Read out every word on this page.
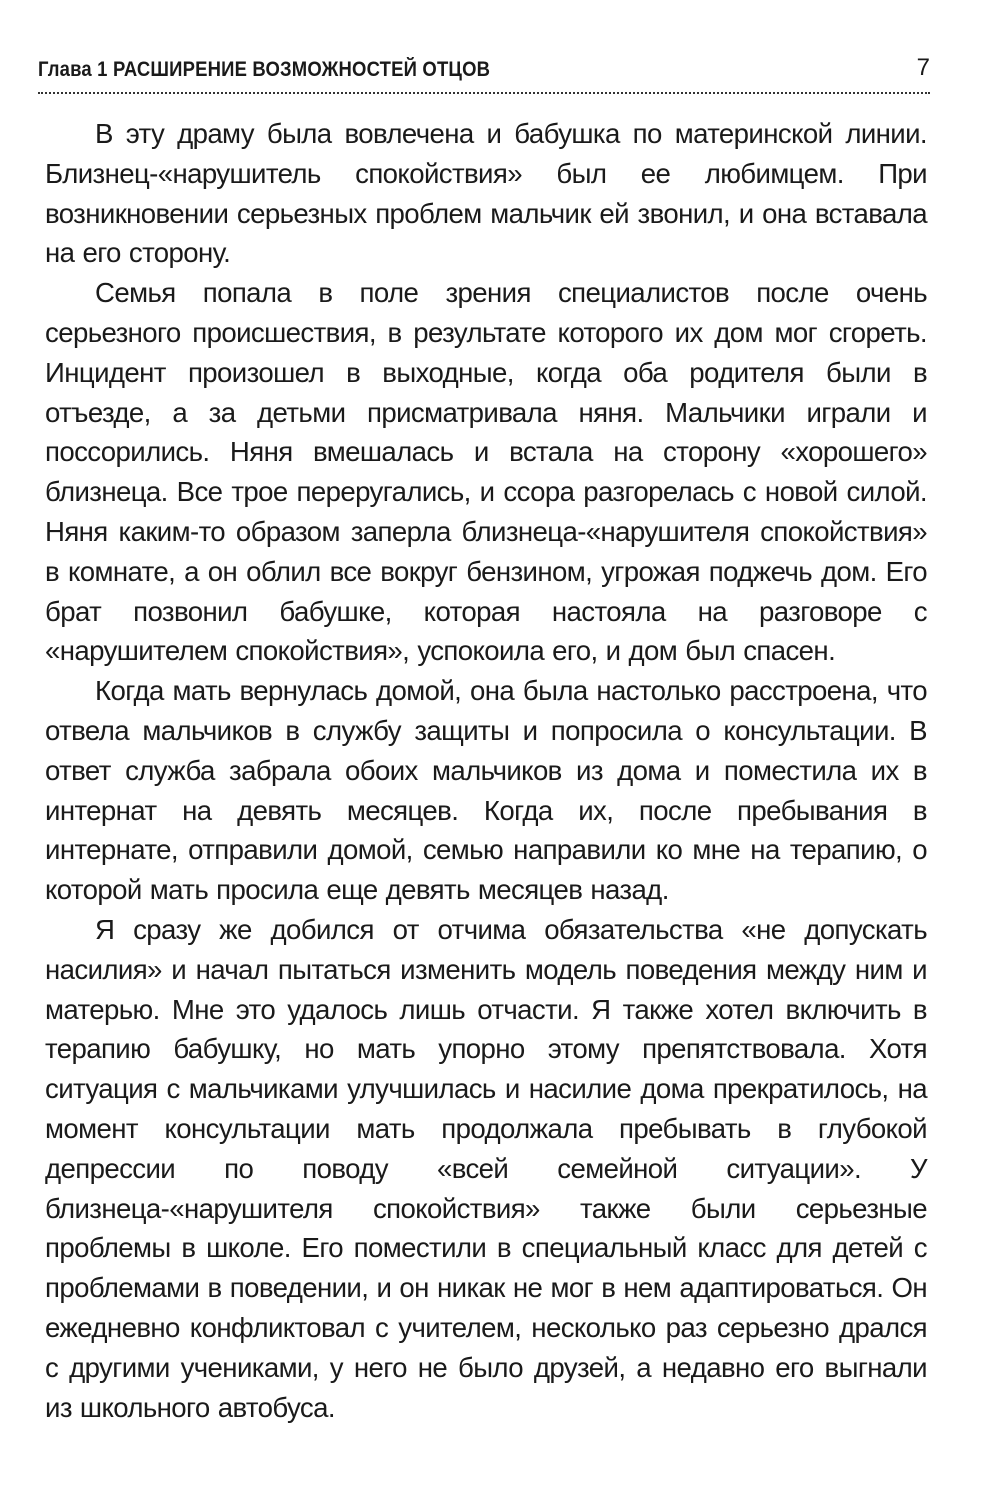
Глава 1 РАСШИРЕНИЕ ВОЗМОЖНОСТЕЙ ОТЦОВ	7

В эту драму была вовлечена и бабушка по материнской линии. Близнец-«нарушитель спокойствия» был ее любимцем. При возникновении серьезных проблем мальчик ей звонил, и она вставала на его сторону.

Семья попала в поле зрения специалистов после очень серьезного происшествия, в результате которого их дом мог сгореть. Инцидент произошел в выходные, когда оба родителя были в отъезде, а за детьми присматривала няня. Мальчики играли и поссорились. Няня вмешалась и встала на сторону «хорошего» близнеца. Все трое переругались, и ссора разгорелась с новой силой. Няня каким-то образом заперла близнеца-«нарушителя спокойствия» в комнате, а он облил все вокруг бензином, угрожая поджечь дом. Его брат позвонил бабушке, которая настояла на разговоре с «нарушителем спокойствия», успокоила его, и дом был спасен.

Когда мать вернулась домой, она была настолько расстроена, что отвела мальчиков в службу защиты и попросила о консультации. В ответ служба забрала обоих мальчиков из дома и поместила их в интернат на девять месяцев. Когда их, после пребывания в интернате, отправили домой, семью направили ко мне на терапию, о которой мать просила еще девять месяцев назад.

Я сразу же добился от отчима обязательства «не допускать насилия» и начал пытаться изменить модель поведения между ним и матерью. Мне это удалось лишь отчасти. Я также хотел включить в терапию бабушку, но мать упорно этому препятствовала. Хотя ситуация с мальчиками улучшилась и насилие дома прекратилось, на момент консультации мать продолжала пребывать в глубокой депрессии по поводу «всей семейной ситуации». У близнеца-«нарушителя спокойствия» также были серьезные проблемы в школе. Его поместили в специальный класс для детей с проблемами в поведении, и он никак не мог в нем адаптироваться. Он ежедневно конфликтовал с учителем, несколько раз серьезно дрался с другими учениками, у него не было друзей, а недавно его выгнали из школьного автобуса.
